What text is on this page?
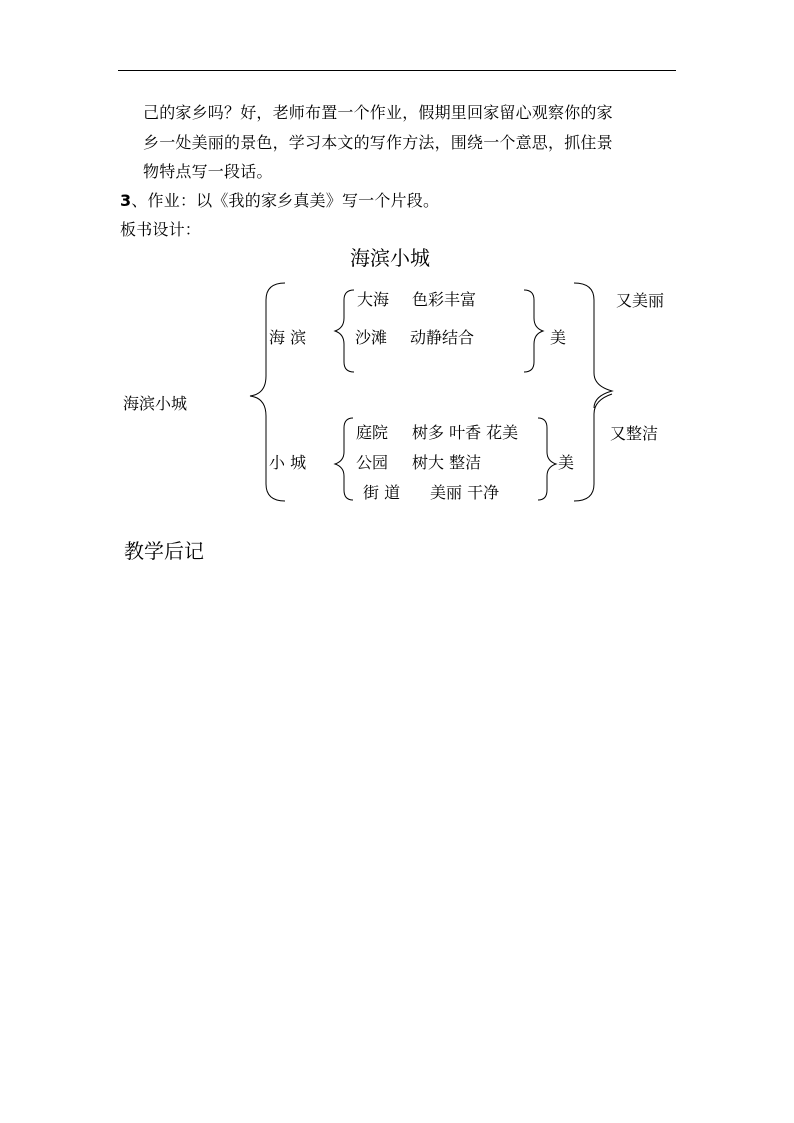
己的家乡吗？好，老师布置一个作业，假期里回家留心观察你的家
乡一处美丽的景色，学习本文的写作方法，围绕一个意思，抓住景
物特点写一段话。
3、作业：以《我的家乡真美》写一个片段。
板书设计：
海滨小城
海滨小城
海 滨
大海 色彩丰富
沙滩 动静结合	美
又美丽
小 城
庭院 树多 叶香 花美
公园 树大 整洁
街 道 美丽 干净
美
又整洁
教学后记
